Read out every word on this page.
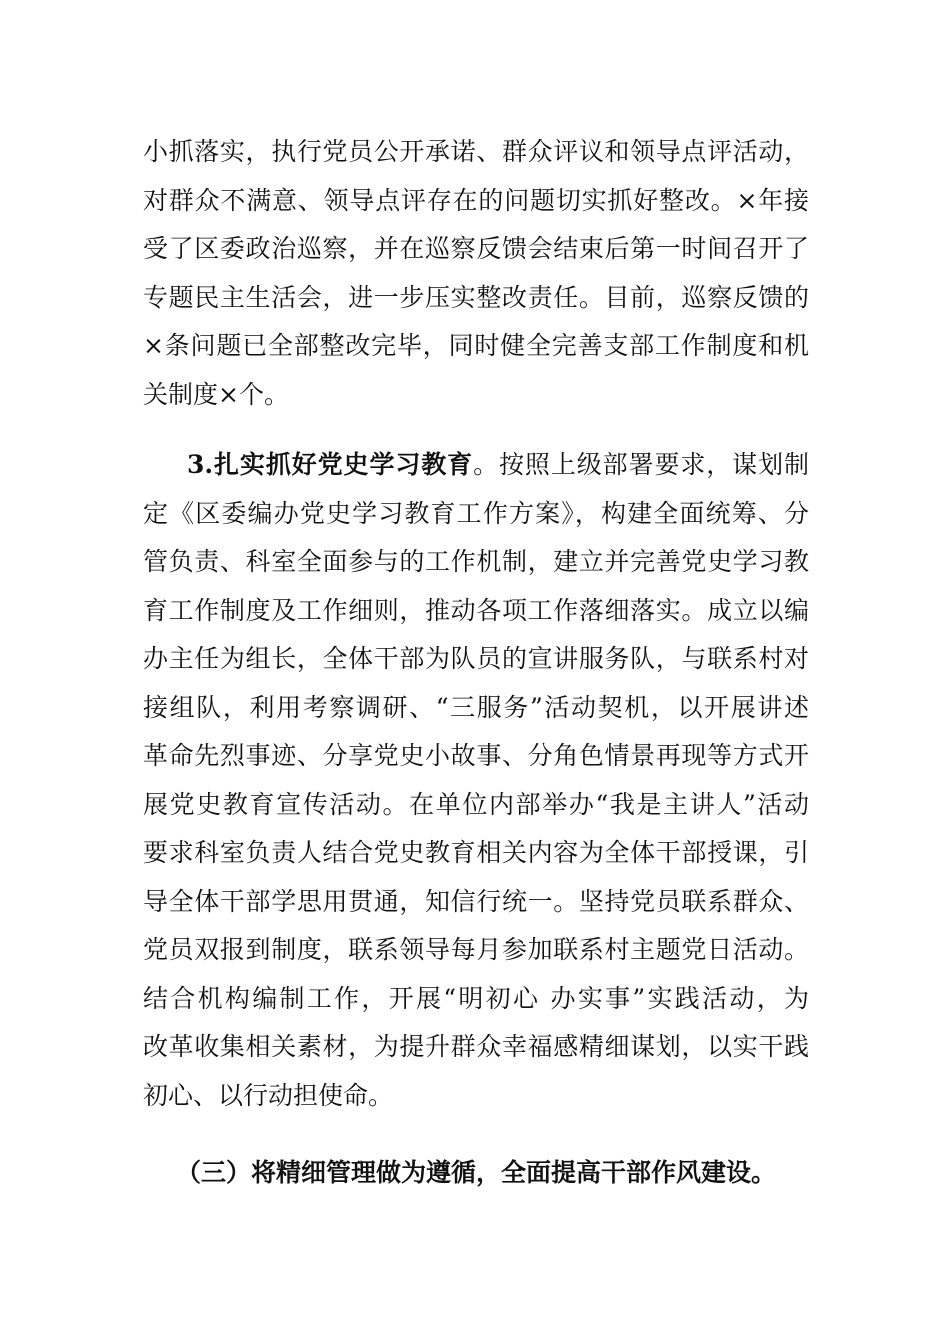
小抓落实，执行党员公开承诺、群众评议和领导点评活动，
对群众不满意、领导点评存在的问题切实抓好整改。×年接
受了区委政治巡察，并在巡察反馈会结束后第一时间召开了
专题民主生活会，进一步压实整改责任。目前，巡察反馈的
×条问题已全部整改完毕，同时健全完善支部工作制度和机
关制度×个。
3.扎实抓好党史学习教育。按照上级部署要求，谋划制
定《区委编办党史学习教育工作方案》，构建全面统筹、分
管负责、科室全面参与的工作机制，建立并完善党史学习教
育工作制度及工作细则，推动各项工作落细落实。成立以编
办主任为组长，全体干部为队员的宣讲服务队，与联系村对
接组队，利用考察调研、“三服务”活动契机，以开展讲述
革命先烈事迹、分享党史小故事、分角色情景再现等方式开
展党史教育宣传活动。在单位内部举办“我是主讲人”活动
要求科室负责人结合党史教育相关内容为全体干部授课，引
导全体干部学思用贯通，知信行统一。坚持党员联系群众、
党员双报到制度，联系领导每月参加联系村主题党日活动。
结合机构编制工作，开展“明初心 办实事”实践活动，为
改革收集相关素材，为提升群众幸福感精细谋划，以实干践
初心、以行动担使命。
（三）将精细管理做为遵循，全面提高干部作风建设。
